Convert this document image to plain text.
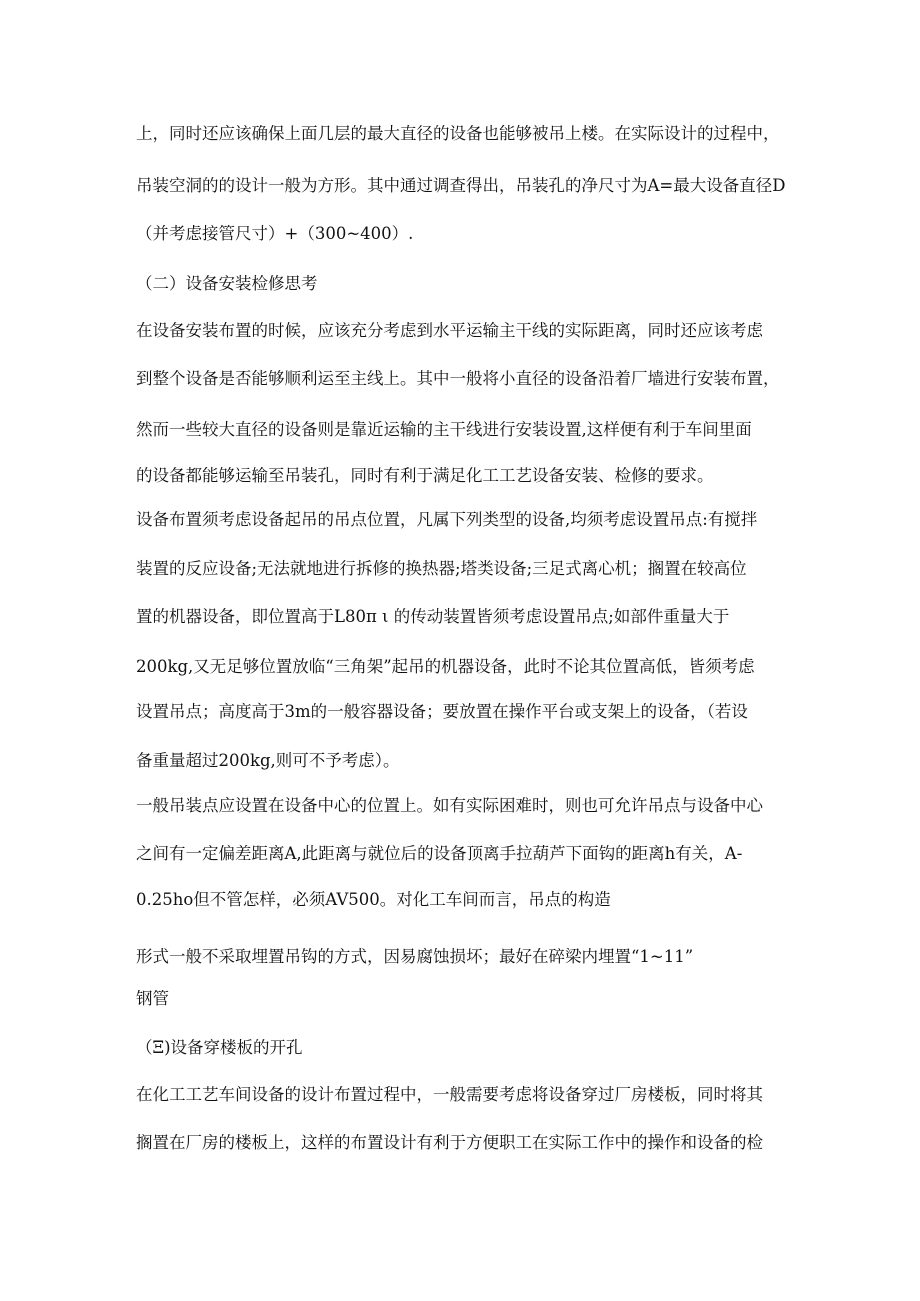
上，同时还应该确保上面几层的最大直径的设备也能够被吊上楼。在实际设计的过程中，

吊装空洞的的设计一般为方形。其中通过调查得出，吊装孔的净尺寸为A=最大设备直径D

（并考虑接管尺寸）+（300~400）.

（二）设备安装检修思考

在设备安装布置的时候，应该充分考虑到水平运输主干线的实际距离，同时还应该考虑

到整个设备是否能够顺利运至主线上。其中一般将小直径的设备沿着厂墙进行安装布置，

然而一些较大直径的设备则是靠近运输的主干线进行安装设置,这样便有利于车间里面

的设备都能够运输至吊装孔，同时有利于满足化工工艺设备安装、检修的要求。

设备布置须考虑设备起吊的吊点位置，凡属下列类型的设备,均须考虑设置吊点:有搅拌

装置的反应设备;无法就地进行拆修的换热器;塔类设备;三足式离心机；搁置在较高位

置的机器设备，即位置高于L80π ι 的传动装置皆须考虑设置吊点;如部件重量大于

200kg,又无足够位置放临“三角架”起吊的机器设备，此时不论其位置高低，皆须考虑

设置吊点；高度高于3m的一般容器设备；要放置在操作平台或支架上的设备，（若设

备重量超过200kg,则可不予考虑）。

一般吊装点应设置在设备中心的位置上。如有实际困难时，则也可允许吊点与设备中心

之间有一定偏差距离A,此距离与就位后的设备顶离手拉葫芦下面钩的距离h有关，A-

0.25ho但不管怎样，必须AV500。对化工车间而言，吊点的构造

形式一般不采取埋置吊钩的方式，因易腐蚀损坏；最好在碎梁内埋置“1~11”

钢管

（Ξ)设备穿楼板的开孔

在化工工艺车间设备的设计布置过程中，一般需要考虑将设备穿过厂房楼板，同时将其

搁置在厂房的楼板上，这样的布置设计有利于方便职工在实际工作中的操作和设备的检
